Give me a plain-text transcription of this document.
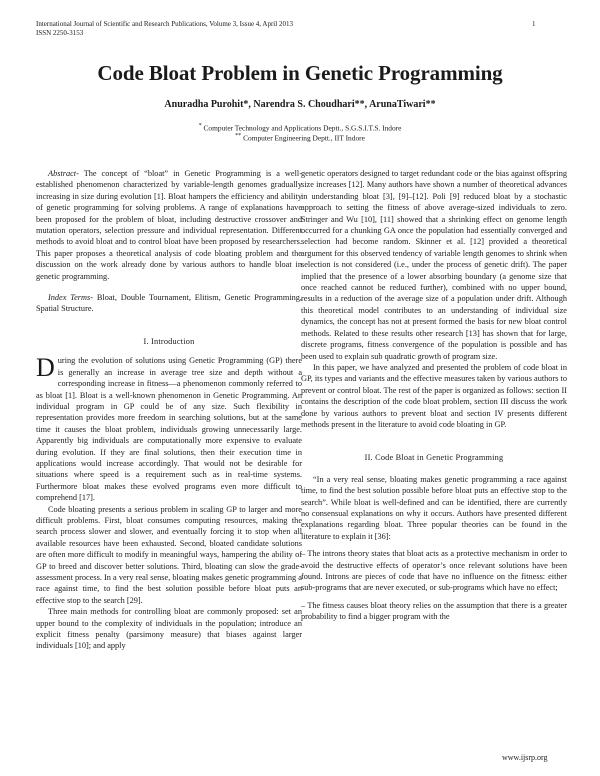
International Journal of Scientific and Research Publications, Volume 3, Issue 4, April 2013
ISSN 2250-3153
1
Code Bloat Problem in Genetic Programming
Anuradha Purohit*, Narendra S. Choudhari**, ArunaTiwari**
* Computer Technology and Applications Deptt., S.G.S.I.T.S. Indore
** Computer Engineering Deptt., IIT Indore

Abstract- The concept of “bloat” in Genetic Programming is a well-established phenomenon characterized by variable-length genomes gradually increasing in size during evolution [1]. Bloat hampers the efficiency and ability of genetic programming for solving problems. A range of explanations have been proposed for the problem of bloat, including destructive crossover and mutation operators, selection pressure and individual representation. Different methods to avoid bloat and to control bloat have been proposed by researchers. This paper proposes a theoretical analysis of code bloating problem and the discussion on the work already done by various authors to handle bloat in genetic programming.

Index Terms- Bloat, Double Tournament, Elitism, Genetic Programming, Spatial Structure.

I. Introduction

During the evolution of solutions using Genetic Programming (GP) there is generally an increase in average tree size and depth without a corresponding increase in fitness—a phenomenon commonly referred to as bloat [1]. Bloat is a well-known phenomenon in Genetic Programming. An individual program in GP could be of any size. Such flexibility in representation provides more freedom in searching solutions, but at the same time it causes the bloat problem, individuals growing unnecessarily large. Apparently big individuals are computationally more expensive to evaluate during evolution. If they are final solutions, then their execution time in applications would increase accordingly. That would not be desirable for situations where speed is a requirement such as in real-time systems. Furthermore bloat makes these evolved programs even more difficult to comprehend [17].

Code bloating presents a serious problem in scaling GP to larger and more difficult problems. First, bloat consumes computing resources, making the search process slower and slower, and eventually forcing it to stop when all available resources have been exhausted. Second, bloated candidate solutions are often more difficult to modify in meaningful ways, hampering the ability of GP to breed and discover better solutions. Third, bloating can slow the grade-assessment process. In a very real sense, bloating makes genetic programming a race against time, to find the best solution possible before bloat puts an effective stop to the search [29].

Three main methods for controlling bloat are commonly proposed: set an upper bound to the complexity of individuals in the population; introduce an explicit fitness penalty (parsimony measure) that biases against larger individuals [10]; and apply

genetic operators designed to target redundant code or the bias against offspring size increases [12]. Many authors have shown a number of theoretical advances in understanding bloat [3], [9]–[12]. Poli [9] reduced bloat by a stochastic approach to setting the fitness of above average-sized individuals to zero. Stringer and Wu [10], [11] showed that a shrinking effect on genome length occurred for a chunking GA once the population had essentially converged and selection had become random. Skinner et al. [12] provided a theoretical argument for this observed tendency of variable length genomes to shrink when selection is not considered (i.e., under the process of genetic drift). The paper implied that the presence of a lower absorbing boundary (a genome size that once reached cannot be reduced further), combined with no upper bound, results in a reduction of the average size of a population under drift. Although this theoretical model contributes to an understanding of individual size dynamics, the concept has not at present formed the basis for new bloat control methods. Related to these results other research [13] has shown that for large, discrete programs, fitness convergence of the population is possible and has been used to explain sub quadratic growth of program size.

In this paper, we have analyzed and presented the problem of code bloat in GP, its types and variants and the effective measures taken by various authors to prevent or control bloat. The rest of the paper is organized as follows: section II contains the description of the code bloat problem, section III discuss the work done by various authors to prevent bloat and section IV presents different methods present in the literature to avoid code bloating in GP.

II. Code Bloat in Genetic Programming

“In a very real sense, bloating makes genetic programming a race against time, to find the best solution possible before bloat puts an effective stop to the search”. While bloat is well-defined and can be identified, there are currently no consensual explanations on why it occurs. Authors have presented different explanations regarding bloat. Three popular theories can be found in the literature to explain it [36]:

– The introns theory states that bloat acts as a protective mechanism in order to avoid the destructive effects of operator’s once relevant solutions have been found. Introns are pieces of code that have no influence on the fitness: either sub-programs that are never executed, or sub-programs which have no effect;

– The fitness causes bloat theory relies on the assumption that there is a greater probability to find a bigger program with the

www.ijsrp.org
